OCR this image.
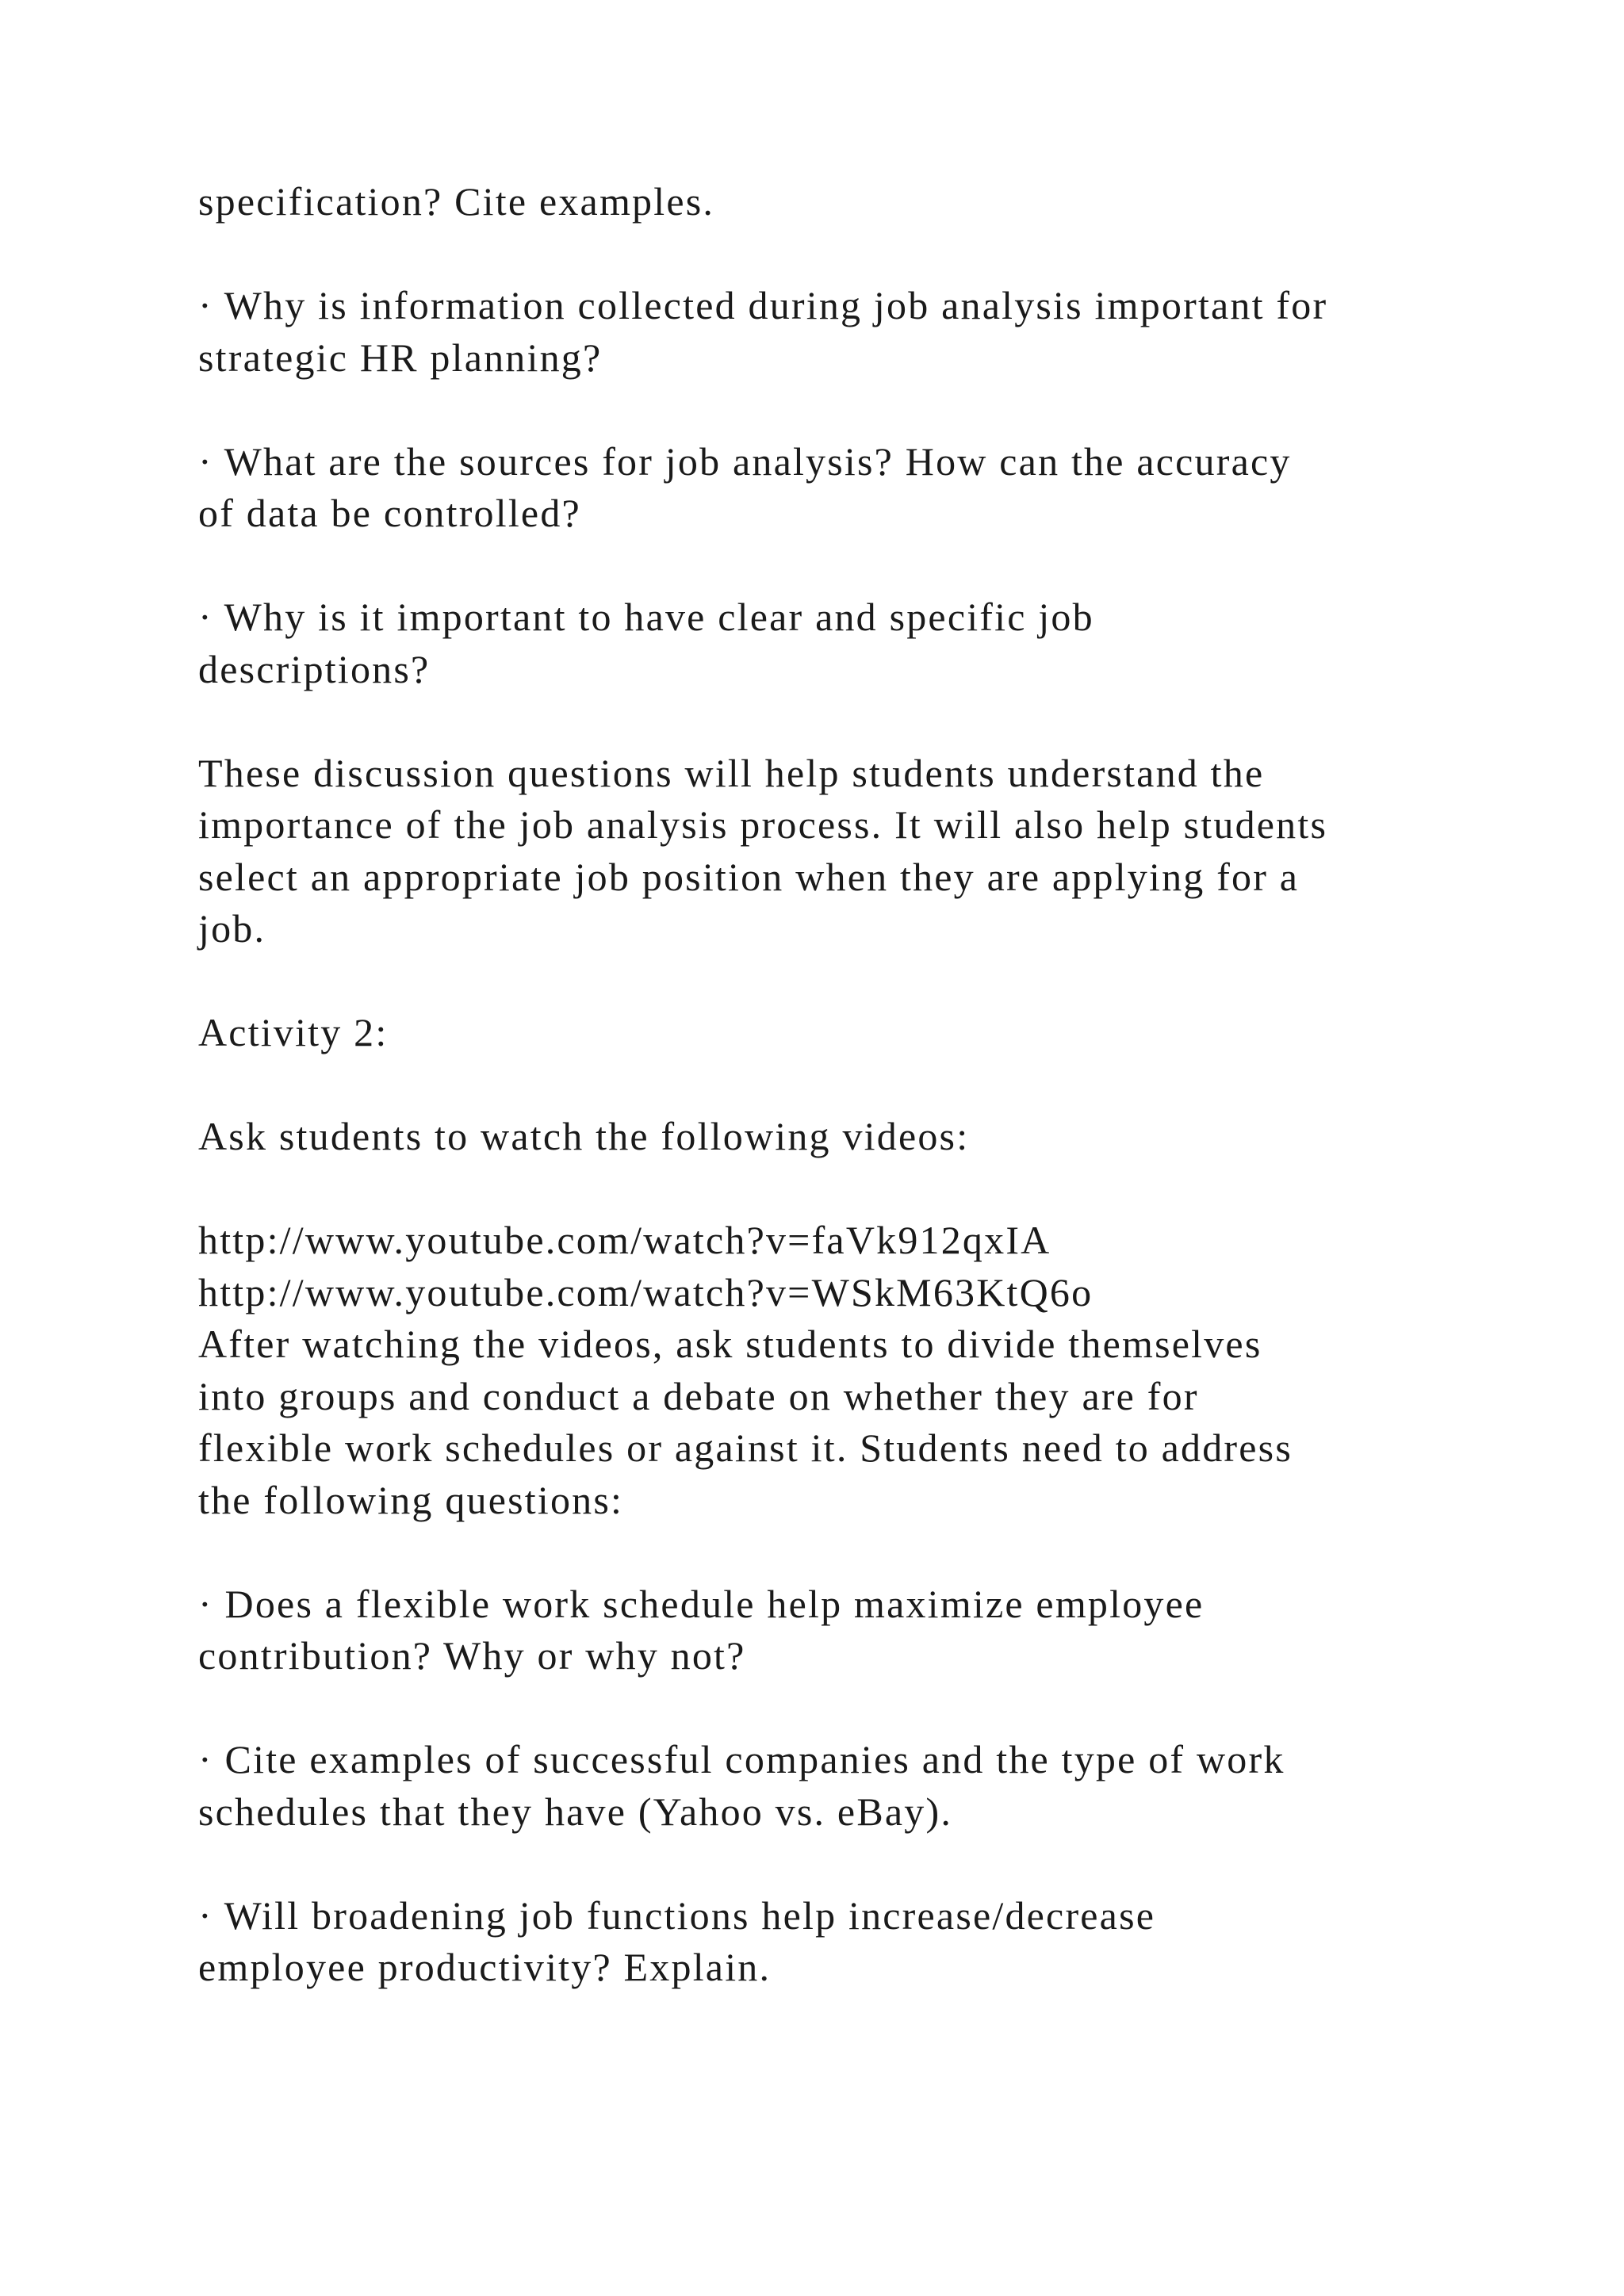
specification? Cite examples.
· Why is information collected during job analysis important for
strategic HR planning?
· What are the sources for job analysis? How can the accuracy
of data be controlled?
· Why is it important to have clear and specific job
descriptions?
These discussion questions will help students understand the
importance of the job analysis process. It will also help students
select an appropriate job position when they are applying for a
job.
Activity 2:
Ask students to watch the following videos:
http://www.youtube.com/watch?v=faVk912qxIA
http://www.youtube.com/watch?v=WSkM63KtQ6o
After watching the videos, ask students to divide themselves
into groups and conduct a debate on whether they are for
flexible work schedules or against it. Students need to address
the following questions:
· Does a flexible work schedule help maximize employee
contribution? Why or why not?
· Cite examples of successful companies and the type of work
schedules that they have (Yahoo vs. eBay).
· Will broadening job functions help increase/decrease
employee productivity? Explain.
